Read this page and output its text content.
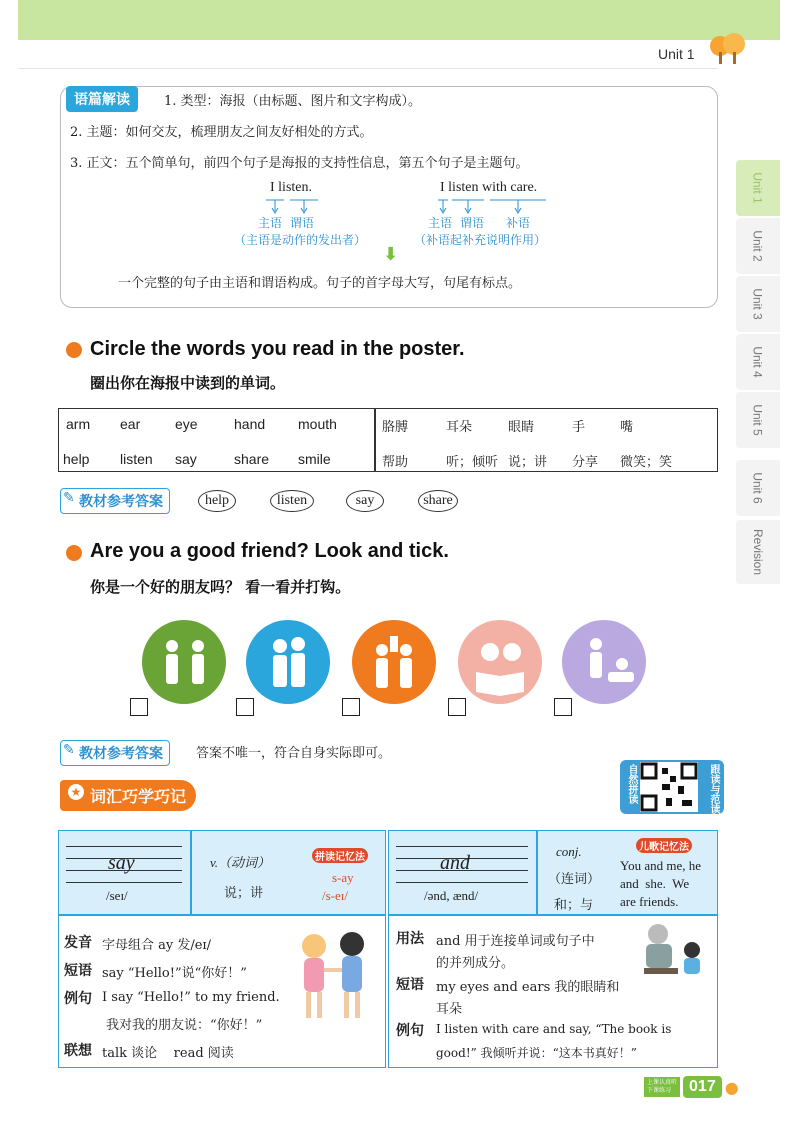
Unit 1
Unit 1
Unit 2
Unit 3
Unit 4
Unit 5
Unit 6
Revision
语篇解读	1. 类型：海报（由标题、图片和文字构成）。
2. 主题：如何交友，梳理朋友之间友好相处的方式。
3. 正文：五个简单句，前四个句子是海报的支持性信息，第五个句子是主题句。
I listen.
主语 谓语
（主语是动作的发出者）
I listen with care.
主语 谓语 补语
（补语起补充说明作用）
⬇
一个完整的句子由主语和谓语构成。句子的首字母大写，句尾有标点。
Circle the words you read in the poster.
圈出你在海报中读到的单词。
arm ear eye	hand mouth
help listen say	share smile
胳膊	耳朵	眼睛	手	嘴
帮助	听；倾听 说；讲 分享 微笑；笑
✎ 教材参考答案	help	listen	say	share
Are you a good friend? Look and tick.
你是一个好的朋友吗？ 看一看并打钩。
✎ 教材参考答案	答案不唯一，符合自身实际即可。
★ 词汇巧学巧记	自然拼读	跟读与范读
say
/seɪ/
v.（动词）
说；讲
拼读记忆法
s-ay
/s-eɪ/
发音 字母组合 ay 发/eɪ/
短语 say “Hello!”说“你好！”
例句 I say “Hello!” to my friend.
我对我的朋友说：“你好！”
联想 talk 谈论    read 阅读
and
/ənd, ænd/
conj.
（连词）
和；与
儿歌记忆法
You and me, he
and  she.  We
are friends.
用法 and 用于连接单词或句子中
的并列成分。
短语 my eyes and ears 我的眼睛和
耳朵
例句 I listen with care and say, “The book is
good!” 我倾听并说：“这本书真好！”
上课认真听
下课练习	017 ●
